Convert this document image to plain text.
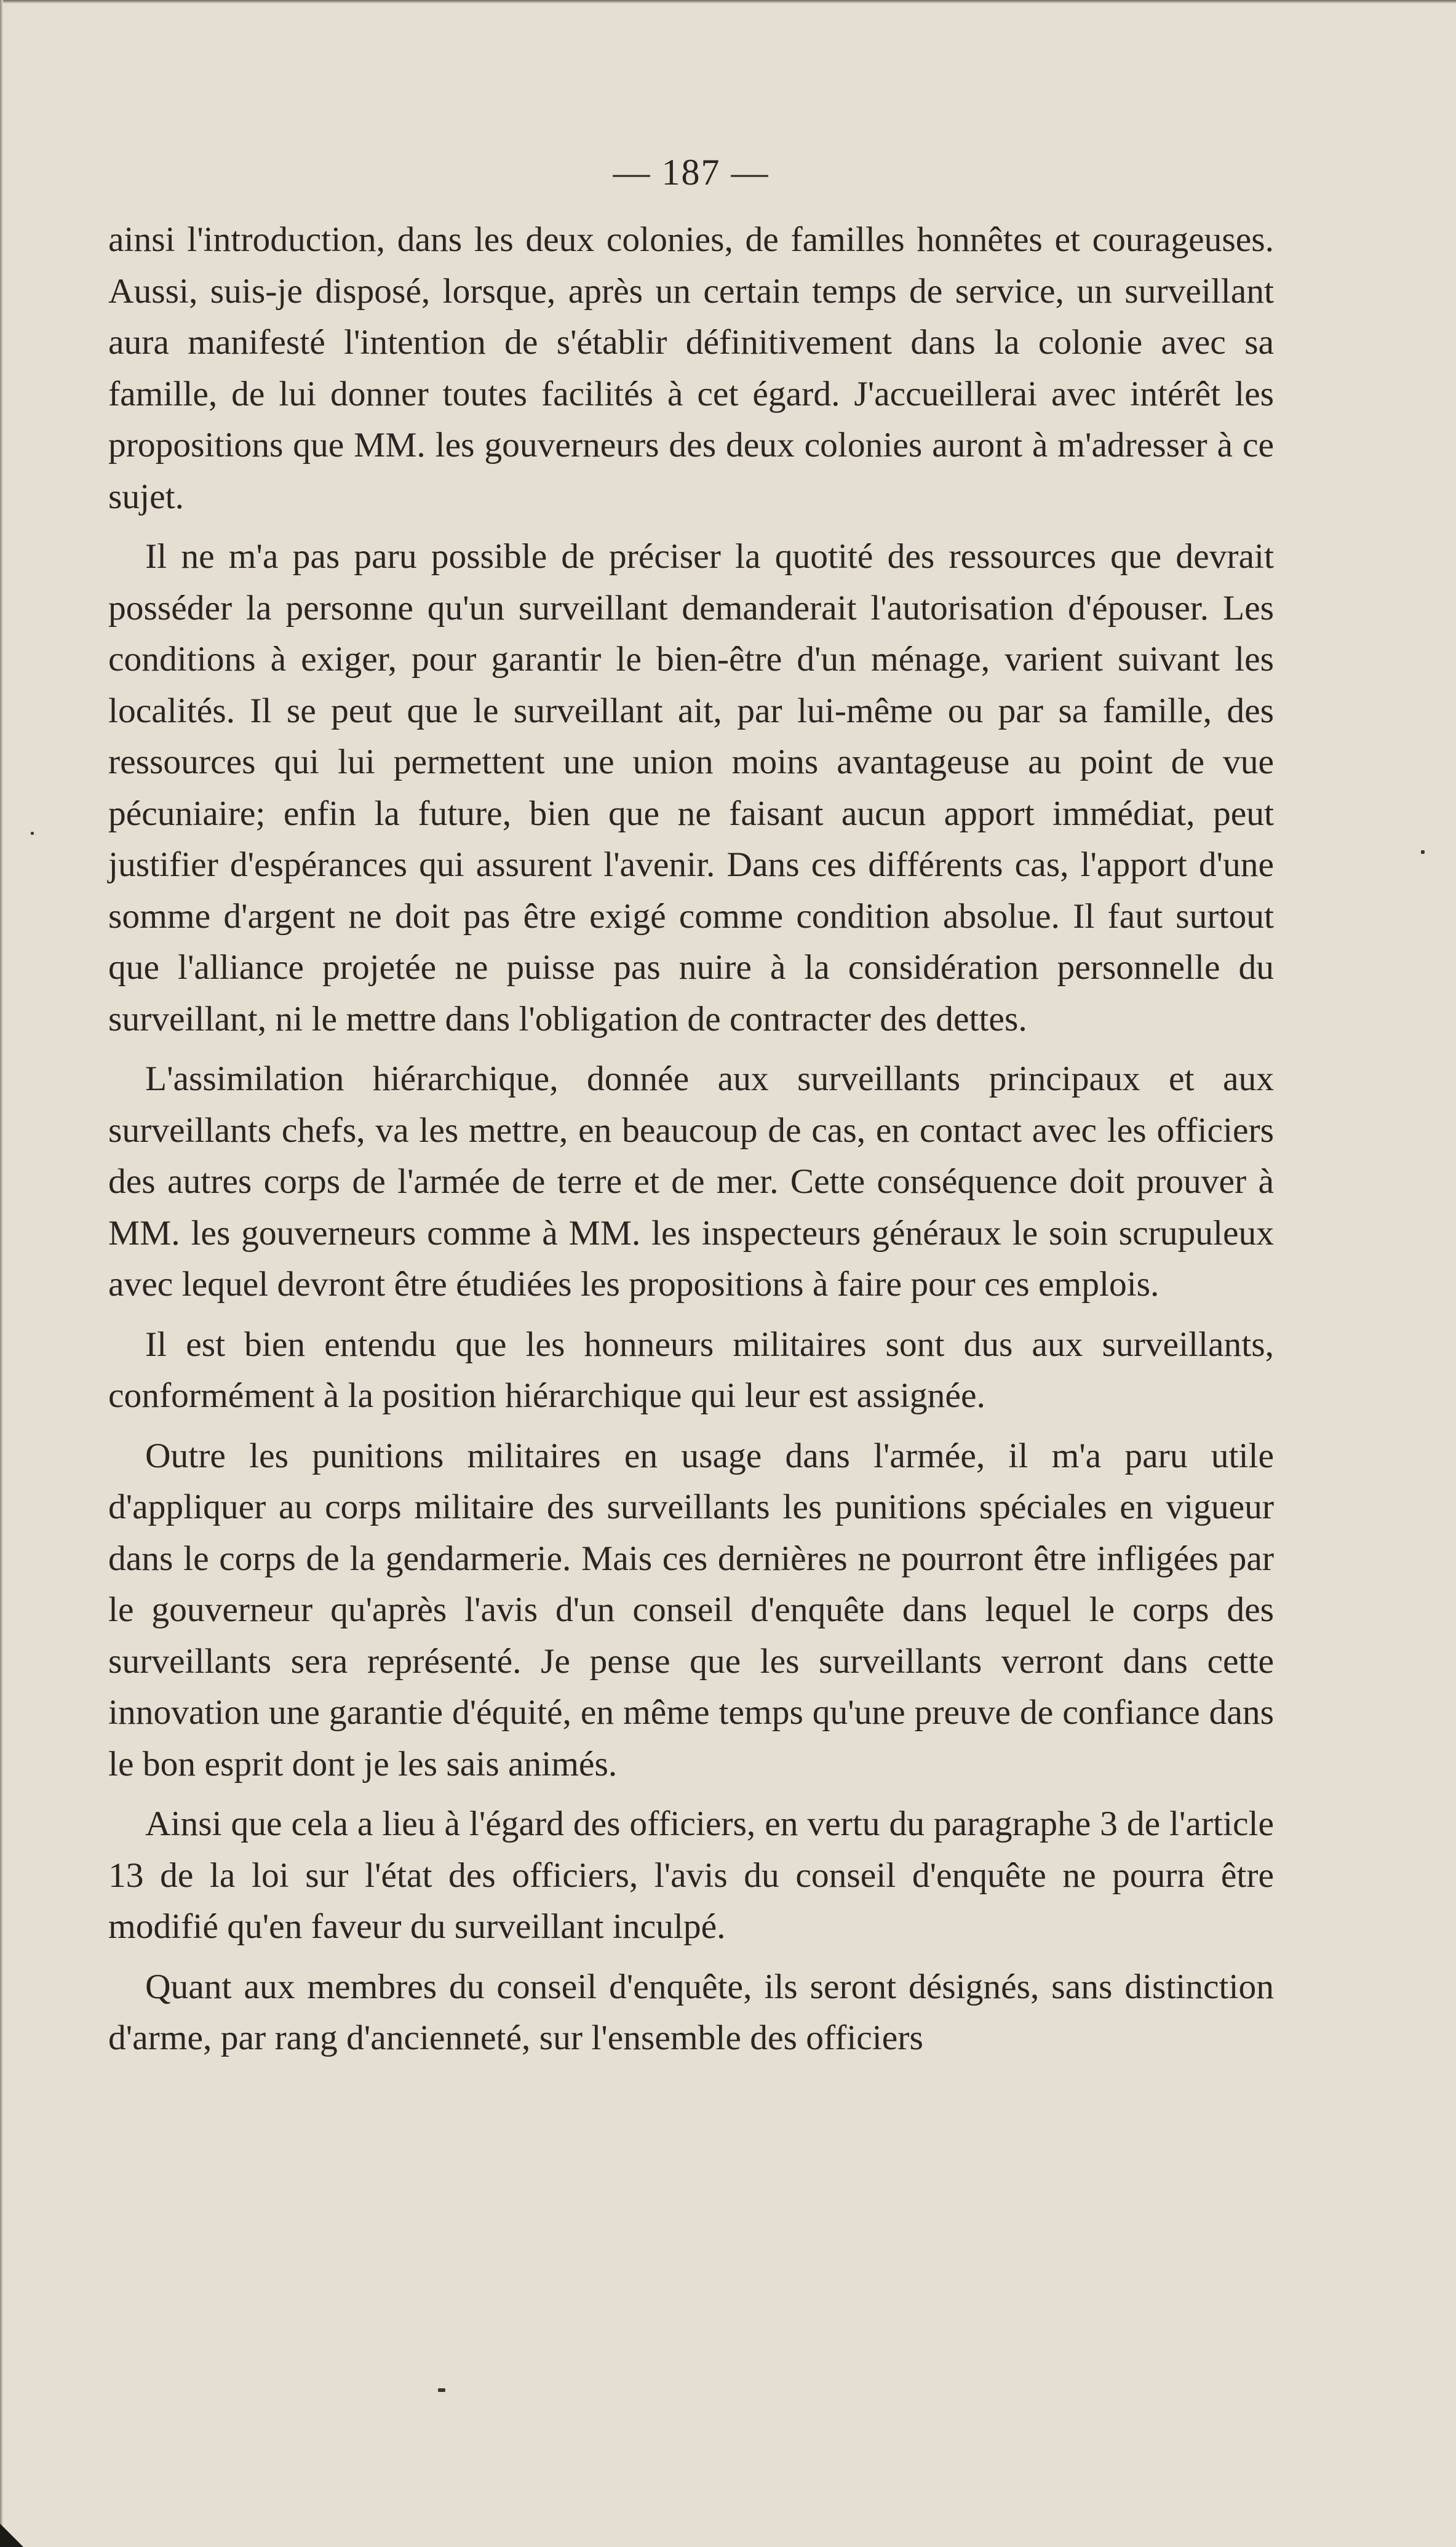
— 187 —

ainsi l'introduction, dans les deux colonies, de familles honnêtes et courageuses. Aussi, suis-je disposé, lorsque, après un certain temps de service, un surveillant aura manifesté l'intention de s'établir définitivement dans la colonie avec sa famille, de lui donner toutes facilités à cet égard. J'accueillerai avec intérêt les propositions que MM. les gouverneurs des deux colonies auront à m'adresser à ce sujet.

Il ne m'a pas paru possible de préciser la quotité des ressources que devrait posséder la personne qu'un surveillant demanderait l'autorisation d'épouser. Les conditions à exiger, pour garantir le bien-être d'un ménage, varient suivant les localités. Il se peut que le surveillant ait, par lui-même ou par sa famille, des ressources qui lui permettent une union moins avantageuse au point de vue pécuniaire; enfin la future, bien que ne faisant aucun apport immédiat, peut justifier d'espérances qui assurent l'avenir. Dans ces différents cas, l'apport d'une somme d'argent ne doit pas être exigé comme condition absolue. Il faut surtout que l'alliance projetée ne puisse pas nuire à la considération personnelle du surveillant, ni le mettre dans l'obligation de contracter des dettes.

L'assimilation hiérarchique, donnée aux surveillants principaux et aux surveillants chefs, va les mettre, en beaucoup de cas, en contact avec les officiers des autres corps de l'armée de terre et de mer. Cette conséquence doit prouver à MM. les gouverneurs comme à MM. les inspecteurs généraux le soin scrupuleux avec lequel devront être étudiées les propositions à faire pour ces emplois.

Il est bien entendu que les honneurs militaires sont dus aux surveillants, conformément à la position hiérarchique qui leur est assignée.

Outre les punitions militaires en usage dans l'armée, il m'a paru utile d'appliquer au corps militaire des surveillants les punitions spéciales en vigueur dans le corps de la gendarmerie. Mais ces dernières ne pourront être infligées par le gouverneur qu'après l'avis d'un conseil d'enquête dans lequel le corps des surveillants sera représenté. Je pense que les surveillants verront dans cette innovation une garantie d'équité, en même temps qu'une preuve de confiance dans le bon esprit dont je les sais animés.

Ainsi que cela a lieu à l'égard des officiers, en vertu du paragraphe 3 de l'article 13 de la loi sur l'état des officiers, l'avis du conseil d'enquête ne pourra être modifié qu'en faveur du surveillant inculpé.

Quant aux membres du conseil d'enquête, ils seront désignés, sans distinction d'arme, par rang d'ancienneté, sur l'ensemble des officiers
